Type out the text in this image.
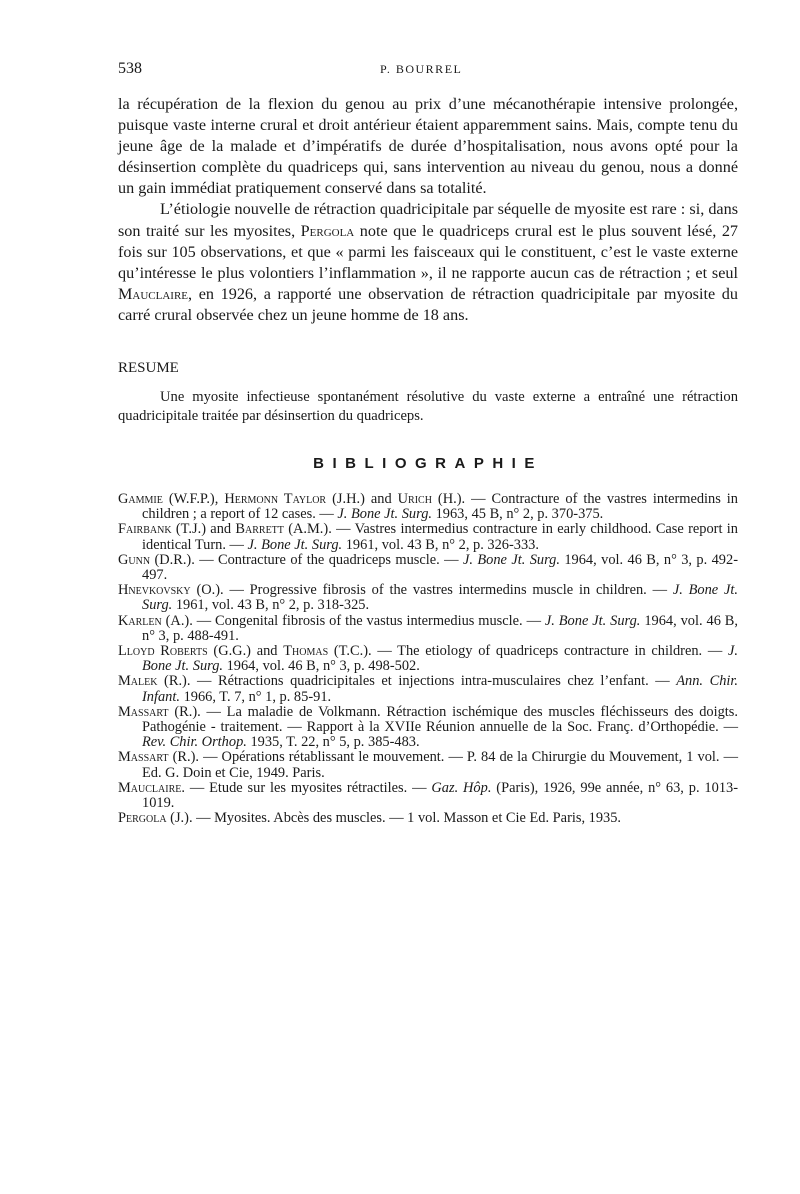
538	P. BOURREL

la récupération de la flexion du genou au prix d’une mécanothérapie intensive prolongée, puisque vaste interne crural et droit antérieur étaient apparemment sains. Mais, compte tenu du jeune âge de la malade et d’impératifs de durée d’hospitalisation, nous avons opté pour la désinsertion complète du quadriceps qui, sans intervention au niveau du genou, nous a donné un gain immédiat pratiquement conservé dans sa totalité.

L’étiologie nouvelle de rétraction quadricipitale par séquelle de myosite est rare : si, dans son traité sur les myosites, Pergola note que le quadriceps crural est le plus souvent lésé, 27 fois sur 105 observations, et que « parmi les faisceaux qui le constituent, c’est le vaste externe qu’intéresse le plus volontiers l’inflammation », il ne rapporte aucun cas de rétraction ; et seul Mauclaire, en 1926, a rapporté une observation de rétraction quadricipitale par myosite du carré crural observée chez un jeune homme de 18 ans.

RESUME
Une myosite infectieuse spontanément résolutive du vaste externe a entraîné une rétraction quadricipitale traitée par désinsertion du quadriceps.
BIBLIOGRAPHIE

Gammie (W.F.P.), Hermonn Taylor (J.H.) and Urich (H.). — Contracture of the vastres intermedins in children ; a report of 12 cases. — J. Bone Jt. Surg. 1963, 45 B, n° 2, p. 370-375.

Fairbank (T.J.) and Barrett (A.M.). — Vastres intermedius contracture in early childhood. Case report in identical Turn. — J. Bone Jt. Surg. 1961, vol. 43 B, n° 2, p. 326-333.

Gunn (D.R.). — Contracture of the quadriceps muscle. — J. Bone Jt. Surg. 1964, vol. 46 B, n° 3, p. 492-497.

Hnevkovsky (O.). — Progressive fibrosis of the vastres intermedins muscle in children. — J. Bone Jt. Surg. 1961, vol. 43 B, n° 2, p. 318-325.

Karlen (A.). — Congenital fibrosis of the vastus intermedius muscle. — J. Bone Jt. Surg. 1964, vol. 46 B, n° 3, p. 488-491.

Lloyd Roberts (G.G.) and Thomas (T.C.). — The etiology of quadriceps contracture in children. — J. Bone Jt. Surg. 1964, vol. 46 B, n° 3, p. 498-502.

Malek (R.). — Rétractions quadricipitales et injections intra-musculaires chez l’enfant. — Ann. Chir. Infant. 1966, T. 7, n° 1, p. 85-91.

Massart (R.). — La maladie de Volkmann. Rétraction ischémique des muscles fléchisseurs des doigts. Pathogénie - traitement. — Rapport à la XVIIe Réunion annuelle de la Soc. Franç. d’Orthopédie. — Rev. Chir. Orthop. 1935, T. 22, n° 5, p. 385-483.

Massart (R.). — Opérations rétablissant le mouvement. — P. 84 de la Chirurgie du Mouvement, 1 vol. — Ed. G. Doin et Cie, 1949. Paris.

Mauclaire. — Etude sur les myosites rétractiles. — Gaz. Hôp. (Paris), 1926, 99e année, n° 63, p. 1013-1019.

Pergola (J.). — Myosites. Abcès des muscles. — 1 vol. Masson et Cie Ed. Paris, 1935.
